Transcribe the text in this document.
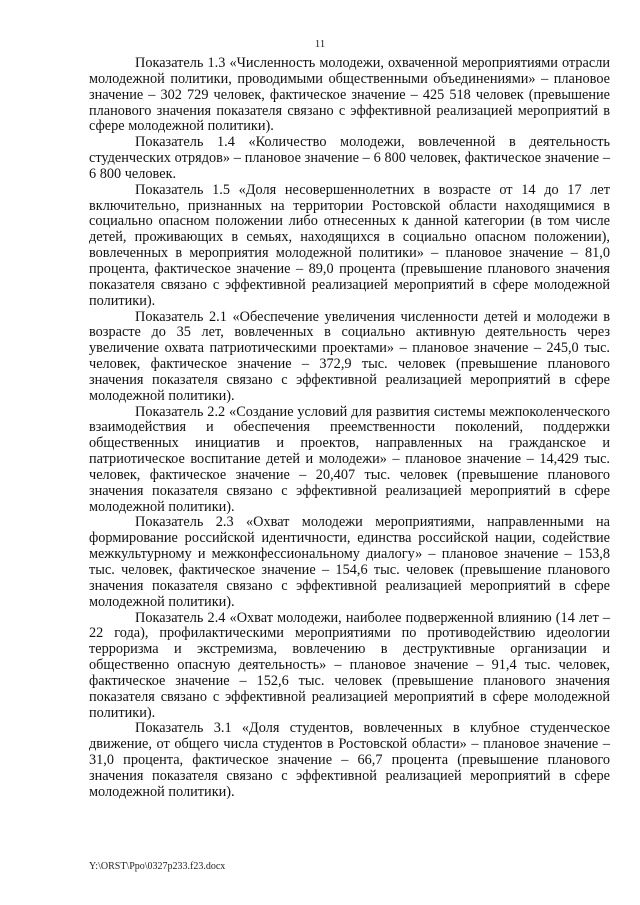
11

Показатель 1.3 «Численность молодежи, охваченной мероприятиями отрасли молодежной политики, проводимыми общественными объединениями» – плановое значение – 302 729 человек, фактическое значение – 425 518 человек (превышение планового значения показателя связано с эффективной реализацией мероприятий в сфере молодежной политики).

Показатель 1.4 «Количество молодежи, вовлеченной в деятельность студенческих отрядов» – плановое значение – 6 800 человек, фактическое значение – 6 800 человек.

Показатель 1.5 «Доля несовершеннолетних в возрасте от 14 до 17 лет включительно, признанных на территории Ростовской области находящимися в социально опасном положении либо отнесенных к данной категории (в том числе детей, проживающих в семьях, находящихся в социально опасном положении), вовлеченных в мероприятия молодежной политики» – плановое значение – 81,0 процента, фактическое значение – 89,0 процента (превышение планового значения показателя связано с эффективной реализацией мероприятий в сфере молодежной политики).

Показатель 2.1 «Обеспечение увеличения численности детей и молодежи в возрасте до 35 лет, вовлеченных в социально активную деятельность через увеличение охвата патриотическими проектами» – плановое значение – 245,0 тыс. человек, фактическое значение – 372,9 тыс. человек (превышение планового значения показателя связано с эффективной реализацией мероприятий в сфере молодежной политики).

Показатель 2.2 «Создание условий для развития системы межпоколенческого взаимодействия и обеспечения преемственности поколений, поддержки общественных инициатив и проектов, направленных на гражданское и патриотическое воспитание детей и молодежи» – плановое значение – 14,429 тыс. человек, фактическое значение – 20,407 тыс. человек (превышение планового значения показателя связано с эффективной реализацией мероприятий в сфере молодежной политики).

Показатель 2.3 «Охват молодежи мероприятиями, направленными на формирование российской идентичности, единства российской нации, содействие межкультурному и межконфессиональному диалогу» – плановое значение – 153,8 тыс. человек, фактическое значение – 154,6 тыс. человек (превышение планового значения показателя связано с эффективной реализацией мероприятий в сфере молодежной политики).

Показатель 2.4 «Охват молодежи, наиболее подверженной влиянию (14 лет – 22 года), профилактическими мероприятиями по противодействию идеологии терроризма и экстремизма, вовлечению в деструктивные организации и общественно опасную деятельность» – плановое значение – 91,4 тыс. человек, фактическое значение – 152,6 тыс. человек (превышение планового значения показателя связано с эффективной реализацией мероприятий в сфере молодежной политики).

Показатель 3.1 «Доля студентов, вовлеченных в клубное студенческое движение, от общего числа студентов в Ростовской области» – плановое значение – 31,0 процента, фактическое значение – 66,7 процента (превышение планового значения показателя связано с эффективной реализацией мероприятий в сфере молодежной политики).

Y:\ORST\Ppo\0327p233.f23.docx
